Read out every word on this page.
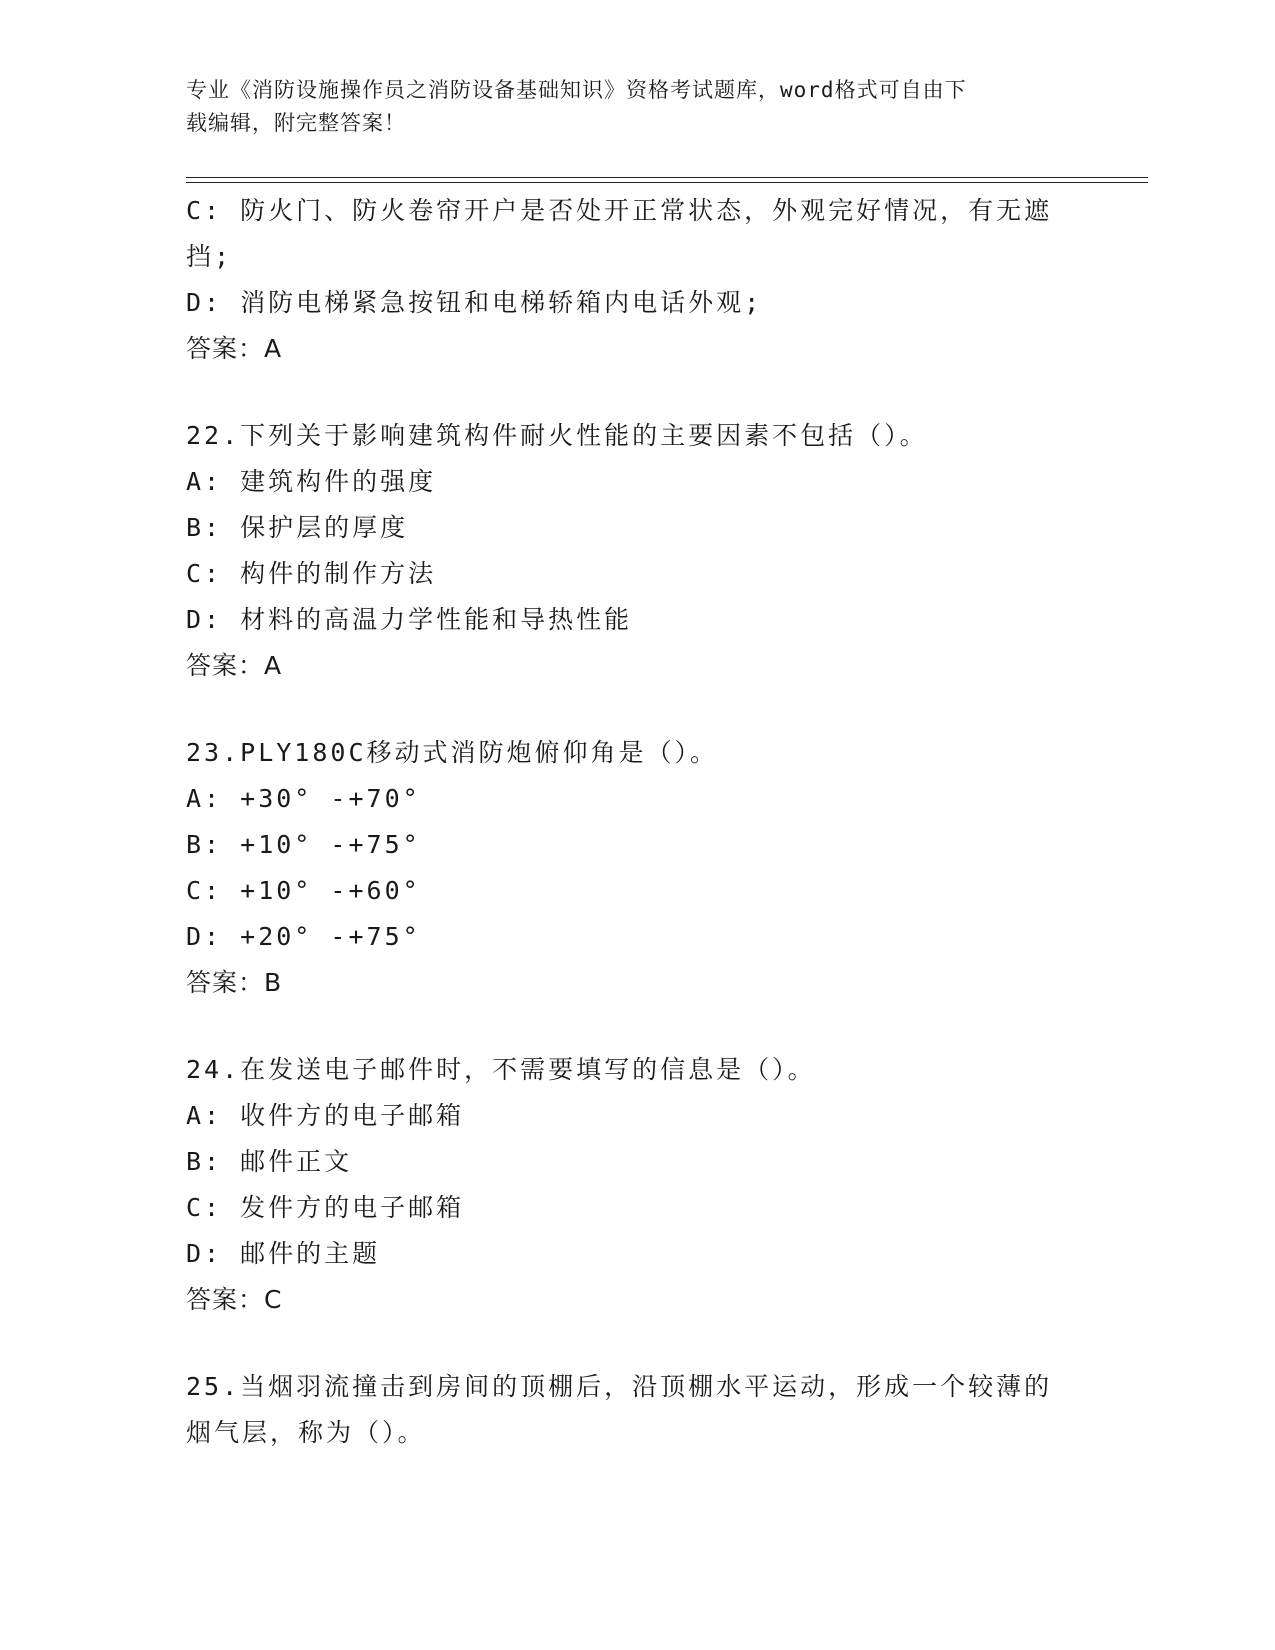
专业《消防设施操作员之消防设备基础知识》资格考试题库，word格式可自由下
载编辑，附完整答案！
C: 防火门、防火卷帘开户是否处开正常状态，外观完好情况，有无遮
挡;
D: 消防电梯紧急按钮和电梯轿箱内电话外观;
答案：A
22.下列关于影响建筑构件耐火性能的主要因素不包括（）。
A: 建筑构件的强度
B: 保护层的厚度
C: 构件的制作方法
D: 材料的高温力学性能和导热性能
答案：A
23.PLY180C移动式消防炮俯仰角是（）。
A: +30° -+70°
B: +10° -+75°
C: +10° -+60°
D: +20° -+75°
答案：B
24.在发送电子邮件时，不需要填写的信息是（）。
A: 收件方的电子邮箱
B: 邮件正文
C: 发件方的电子邮箱
D: 邮件的主题
答案：C
25.当烟羽流撞击到房间的顶棚后，沿顶棚水平运动，形成一个较薄的
烟气层，称为（）。
